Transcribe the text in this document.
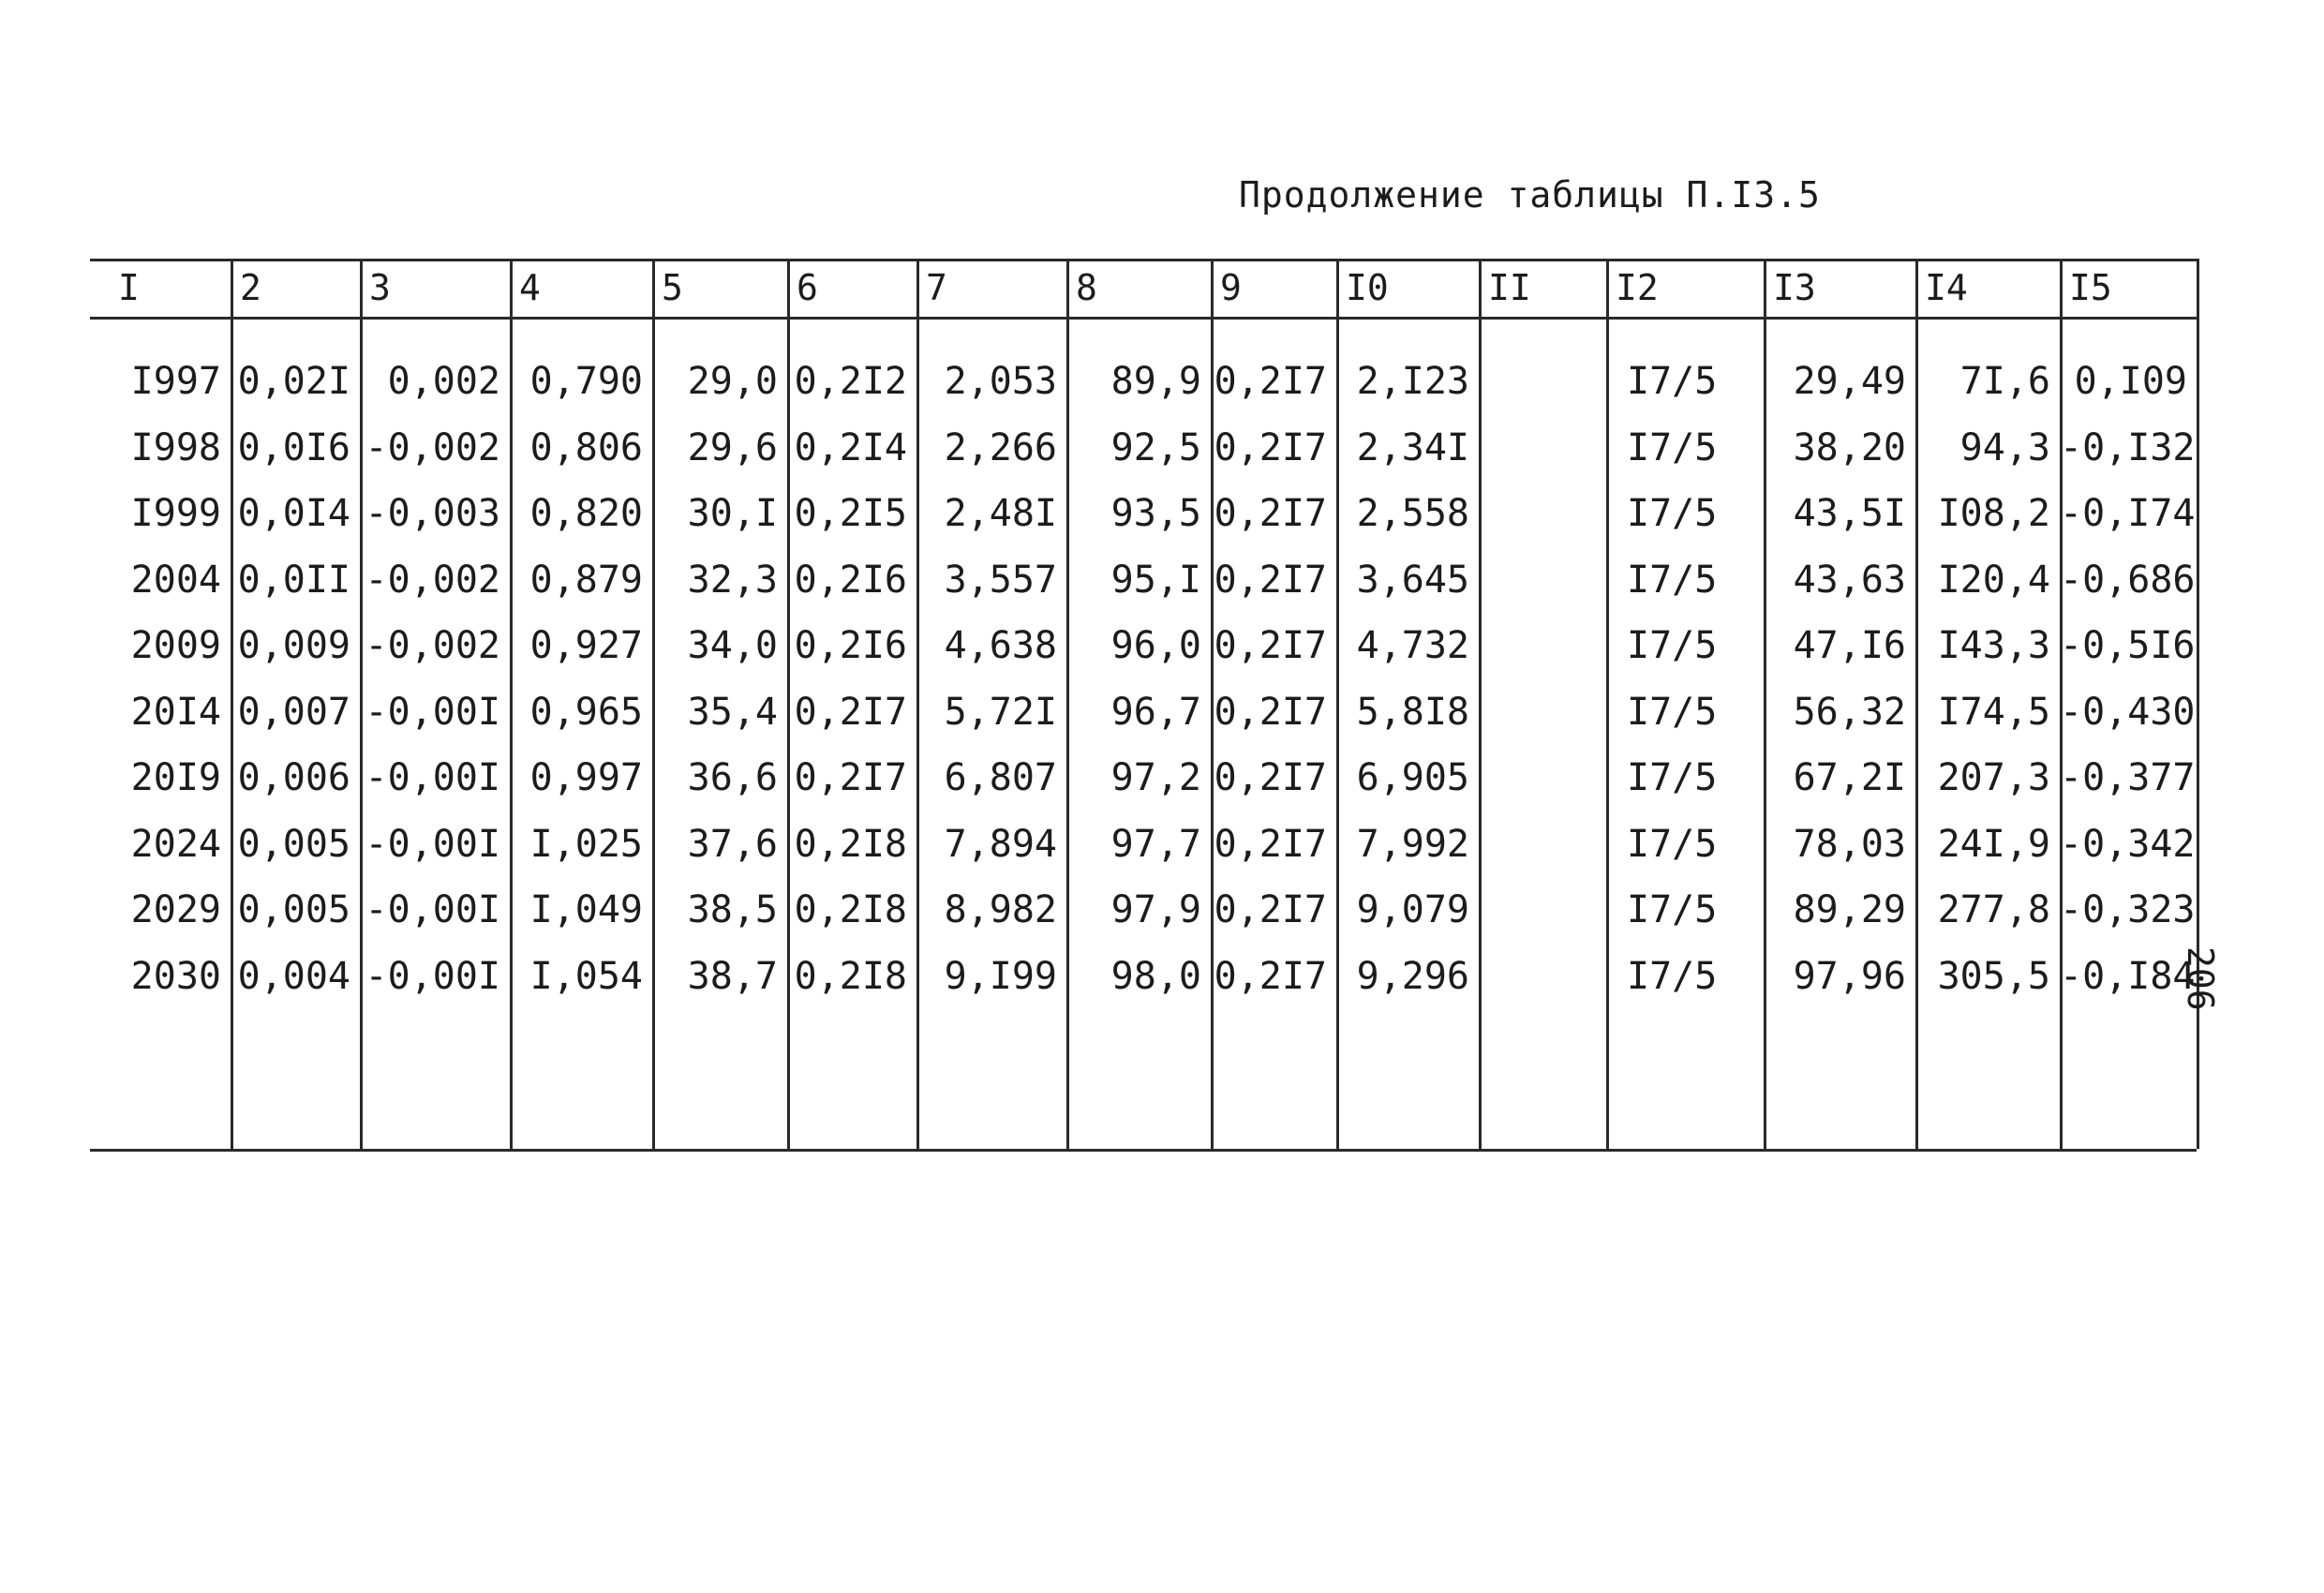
Продолжение таблицы П.I3.5
I	2	3	4	5	6	7	8	9	I0	II I2	I3	I4	I5
I997 0,02I 0,002 0,790	29,0 0,2I2 2,053	89,9 0,2I7 2,I23	I7/5	29,49	7I,6 0,I09
I998 0,0I6 -0,002 0,806	29,6 0,2I4 2,266	92,5 0,2I7 2,34I	I7/5	38,20	94,3 -0,I32
I999 0,0I4 -0,003 0,820	30,I 0,2I5 2,48I	93,5 0,2I7 2,558	I7/5	43,5I I08,2 -0,I74
2004 0,0II -0,002 0,879	32,3 0,2I6 3,557	95,I 0,2I7 3,645	I7/5	43,63 I20,4 -0,686
2009 0,009 -0,002 0,927	34,0 0,2I6 4,638	96,0 0,2I7 4,732	I7/5	47,I6 I43,3 -0,5I6
20I4 0,007 -0,00I 0,965	35,4 0,2I7 5,72I	96,7 0,2I7 5,8I8	I7/5	56,32 I74,5 -0,430
20I9 0,006 -0,00I 0,997	36,6 0,2I7 6,807	97,2 0,2I7 6,905	I7/5	67,2I 207,3 -0,377
2024 0,005 -0,00I I,025	37,6 0,2I8 7,894	97,7 0,2I7 7,992	I7/5	78,03 24I,9 -0,342
2029 0,005 -0,00I I,049	38,5 0,2I8 8,982	97,9 0,2I7 9,079	I7/5	89,29 277,8 -0,323
2030 0,004 -0,00I I,054	38,7 0,2I8 9,I99	98,0 0,2I7 9,296	I7/5	97,96 305,5 -0,I84
206
